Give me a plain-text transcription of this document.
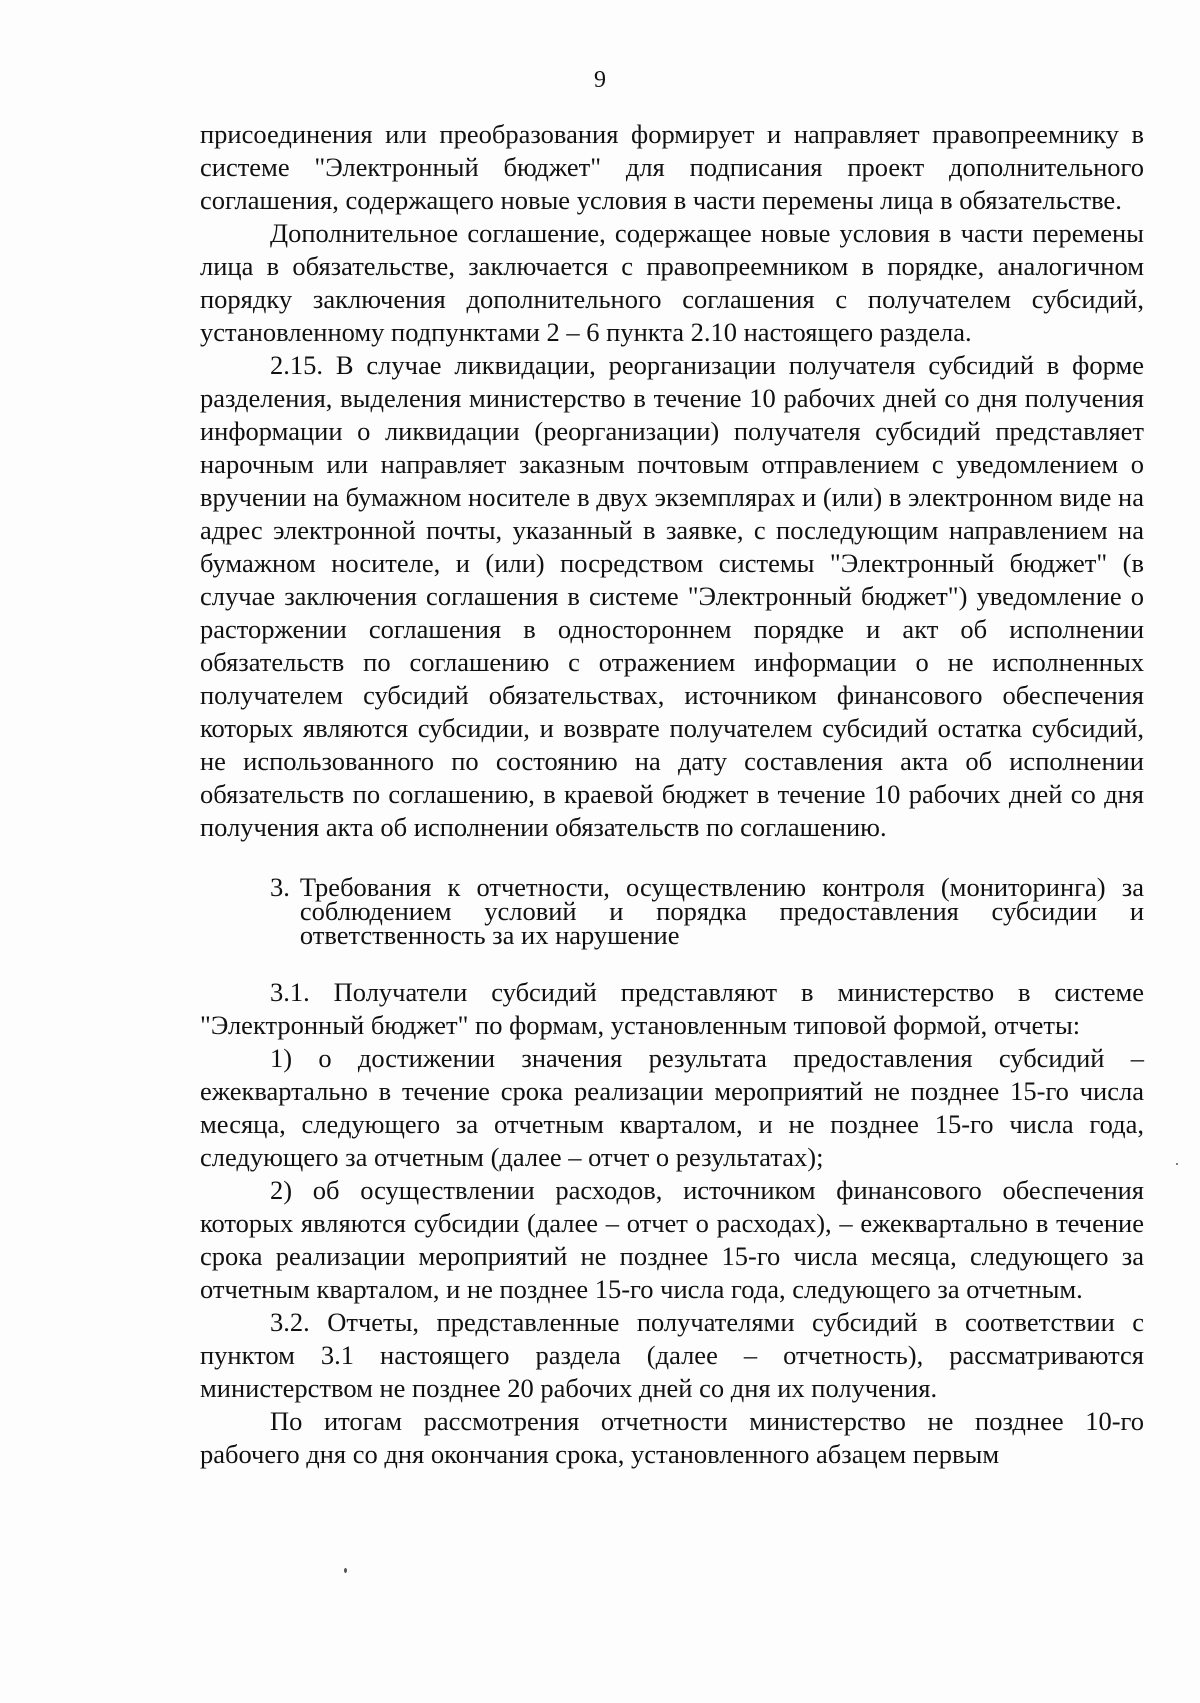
9

присоединения или преобразования формирует и направляет правопреемнику в системе "Электронный бюджет" для подписания проект дополнительного соглашения, содержащего новые условия в части перемены лица в обязательстве.

Дополнительное соглашение, содержащее новые условия в части перемены лица в обязательстве, заключается с правопреемником в порядке, аналогичном порядку заключения дополнительного соглашения с получателем субсидий, установленному подпунктами 2 – 6 пункта 2.10 настоящего раздела.

2.15. В случае ликвидации, реорганизации получателя субсидий в форме разделения, выделения министерство в течение 10 рабочих дней со дня получения информации о ликвидации (реорганизации) получателя субсидий представляет нарочным или направляет заказным почтовым отправлением с уведомлением о вручении на бумажном носителе в двух экземплярах и (или) в электронном виде на адрес электронной почты, указанный в заявке, с последующим направлением на бумажном носителе, и (или) посредством системы "Электронный бюджет" (в случае заключения соглашения в системе "Электронный бюджет") уведомление о расторжении соглашения в одностороннем порядке и акт об исполнении обязательств по соглашению с отражением информации о не исполненных получателем субсидий обязательствах, источником финансового обеспечения которых являются субсидии, и возврате получателем субсидий остатка субсидий, не использованного по состоянию на дату составления акта об исполнении обязательств по соглашению, в краевой бюджет в течение 10 рабочих дней со дня получения акта об исполнении обязательств по соглашению.

3. Требования к отчетности, осуществлению контроля (мониторинга) за соблюдением условий и порядка предоставления субсидии и ответственность за их нарушение

3.1. Получатели субсидий представляют в министерство в системе "Электронный бюджет" по формам, установленным типовой формой, отчеты:

1) о достижении значения результата предоставления субсидий – ежеквартально в течение срока реализации мероприятий не позднее 15-го числа месяца, следующего за отчетным кварталом, и не позднее 15-го числа года, следующего за отчетным (далее – отчет о результатах);

2) об осуществлении расходов, источником финансового обеспечения которых являются субсидии (далее – отчет о расходах), – ежеквартально в течение срока реализации мероприятий не позднее 15-го числа месяца, следующего за отчетным кварталом, и не позднее 15-го числа года, следующего за отчетным.

3.2. Отчеты, представленные получателями субсидий в соответствии с пунктом 3.1 настоящего раздела (далее – отчетность), рассматриваются министерством не позднее 20 рабочих дней со дня их получения.

По итогам рассмотрения отчетности министерство не позднее 10-го рабочего дня со дня окончания срока, установленного абзацем первым
